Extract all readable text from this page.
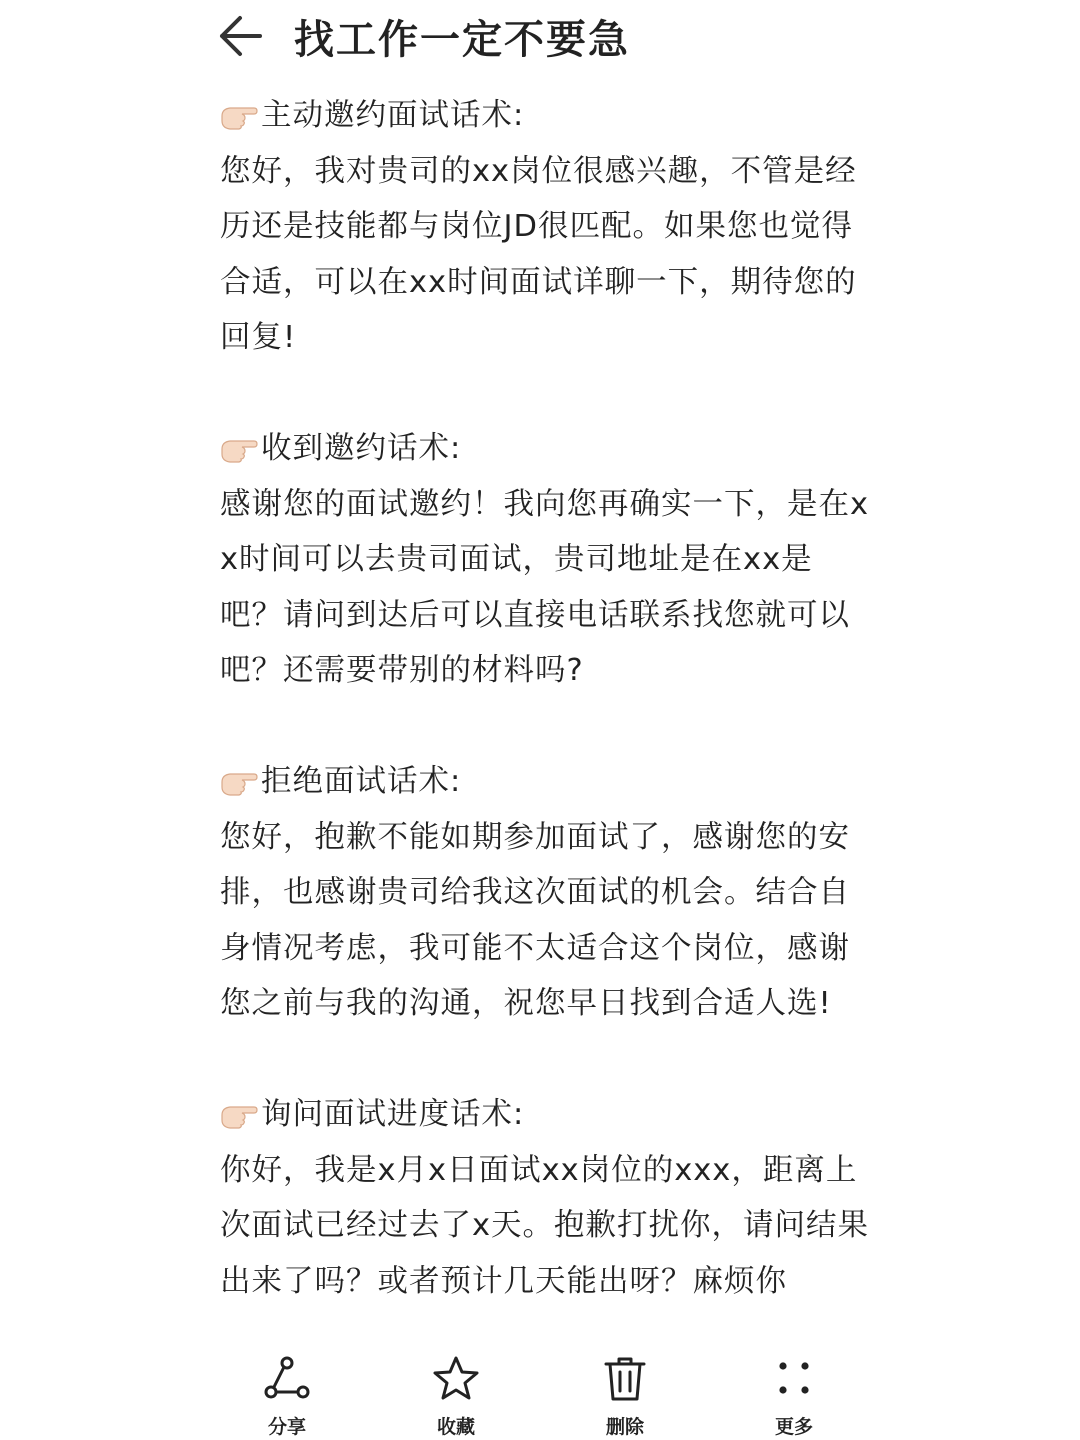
找工作一定不要急
主动邀约面试话术:
您好，我对贵司的xx岗位很感兴趣，不管是经历还是技能都与岗位JD很匹配。如果您也觉得合适，可以在xx时间面试详聊一下，期待您的回复!
收到邀约话术:
感谢您的面试邀约！我向您再确实一下，是在xx时间可以去贵司面试，贵司地址是在xx是吧？请问到达后可以直接电话联系找您就可以吧？还需要带别的材料吗?
拒绝面试话术:
您好，抱歉不能如期参加面试了，感谢您的安排，也感谢贵司给我这次面试的机会。结合自身情况考虑，我可能不太适合这个岗位，感谢您之前与我的沟通，祝您早日找到合适人选!
询问面试进度话术:
你好，我是x月x日面试xx岗位的xxx，距离上次面试已经过去了x天。抱歉打扰你，请问结果出来了吗？或者预计几天能出呀？麻烦你
分享	收藏	删除	更多
